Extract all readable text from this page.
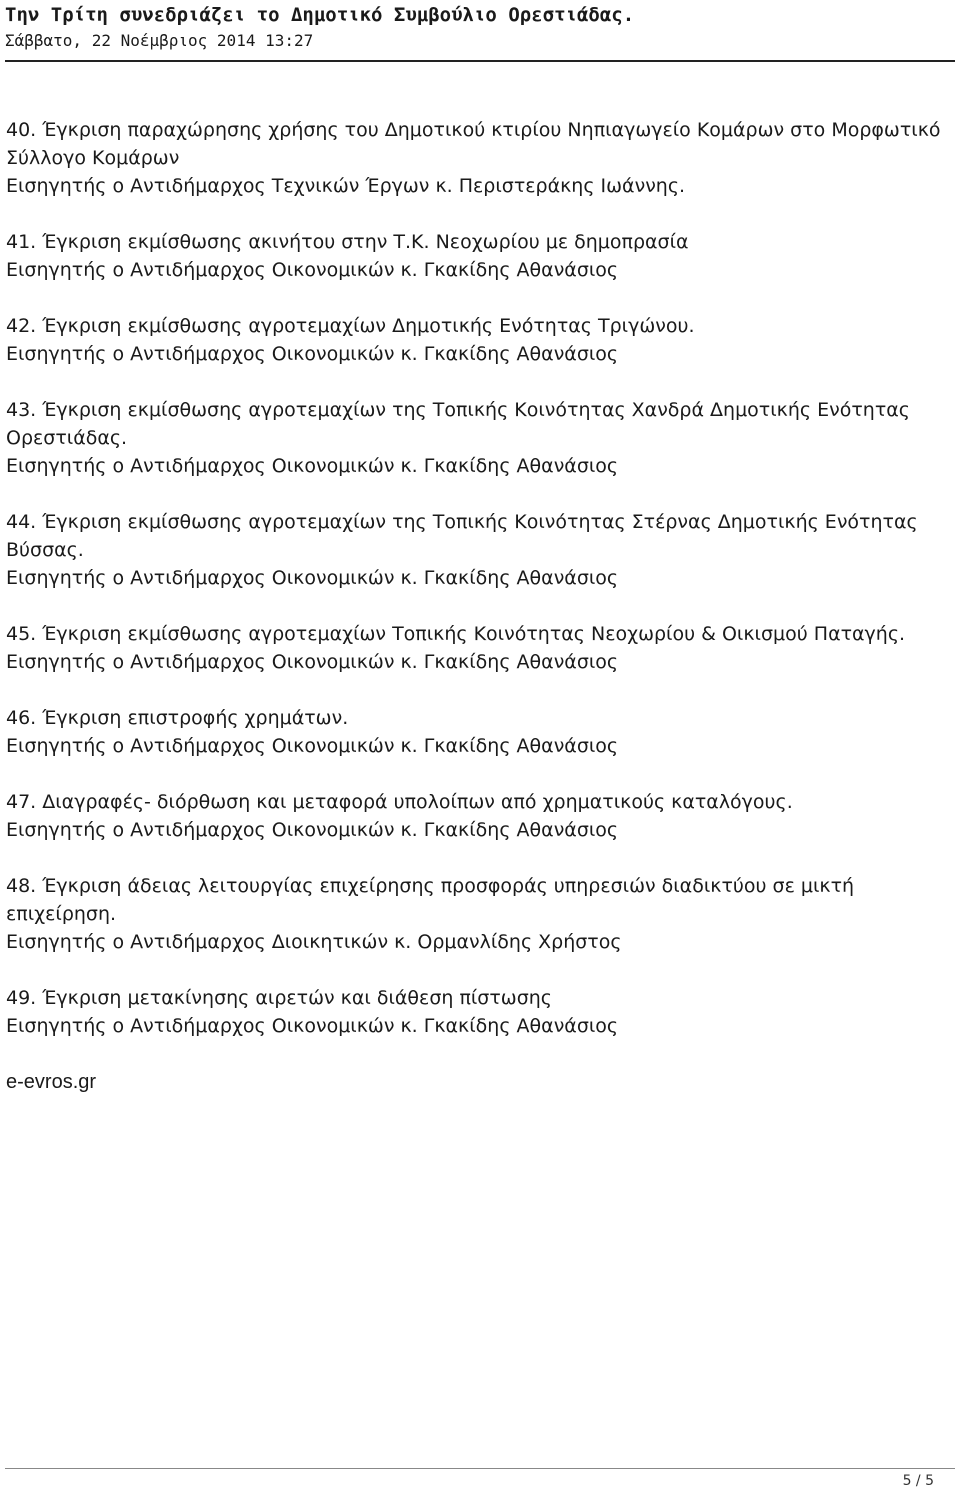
Την Τρίτη συνεδριάζει το Δημοτικό Συμβούλιο Ορεστιάδας.
Σάββατο, 22 Νοέμβριος 2014 13:27

40. Έγκριση παραχώρησης χρήσης του Δημοτικού κτιρίου Νηπιαγωγείο Κομάρων στο Μορφωτικό Σύλλογο Κομάρων

Εισηγητής ο Αντιδήμαρχος Τεχνικών Έργων κ. Περιστεράκης Ιωάννης.

41. Έγκριση εκμίσθωσης ακινήτου στην Τ.Κ. Νεοχωρίου με δημοπρασία

Εισηγητής ο Αντιδήμαρχος Οικονομικών κ. Γκακίδης Αθανάσιος

42. Έγκριση εκμίσθωσης αγροτεμαχίων Δημοτικής Ενότητας Τριγώνου.

Εισηγητής ο Αντιδήμαρχος Οικονομικών κ. Γκακίδης Αθανάσιος

43. Έγκριση εκμίσθωσης αγροτεμαχίων της Τοπικής Κοινότητας Χανδρά Δημοτικής Ενότητας Ορεστιάδας.

Εισηγητής ο Αντιδήμαρχος Οικονομικών κ. Γκακίδης Αθανάσιος

44. Έγκριση εκμίσθωσης αγροτεμαχίων της Τοπικής Κοινότητας Στέρνας Δημοτικής Ενότητας Βύσσας.

Εισηγητής ο Αντιδήμαρχος Οικονομικών κ. Γκακίδης Αθανάσιος

45. Έγκριση εκμίσθωσης αγροτεμαχίων Τοπικής Κοινότητας Νεοχωρίου & Οικισμού Παταγής.

Εισηγητής ο Αντιδήμαρχος Οικονομικών κ. Γκακίδης Αθανάσιος

46. Έγκριση επιστροφής χρημάτων.

Εισηγητής ο Αντιδήμαρχος Οικονομικών κ. Γκακίδης Αθανάσιος

47. Διαγραφές- διόρθωση και μεταφορά υπολοίπων από χρηματικούς καταλόγους.

Εισηγητής ο Αντιδήμαρχος Οικονομικών κ. Γκακίδης Αθανάσιος

48. Έγκριση άδειας λειτουργίας επιχείρησης προσφοράς υπηρεσιών διαδικτύου σε μικτή επιχείρηση.

Εισηγητής ο Αντιδήμαρχος Διοικητικών κ. Ορμανλίδης Χρήστος

49. Έγκριση μετακίνησης αιρετών και διάθεση πίστωσης

Εισηγητής ο Αντιδήμαρχος Οικονομικών κ. Γκακίδης Αθανάσιος

e-evros.gr

5 / 5
